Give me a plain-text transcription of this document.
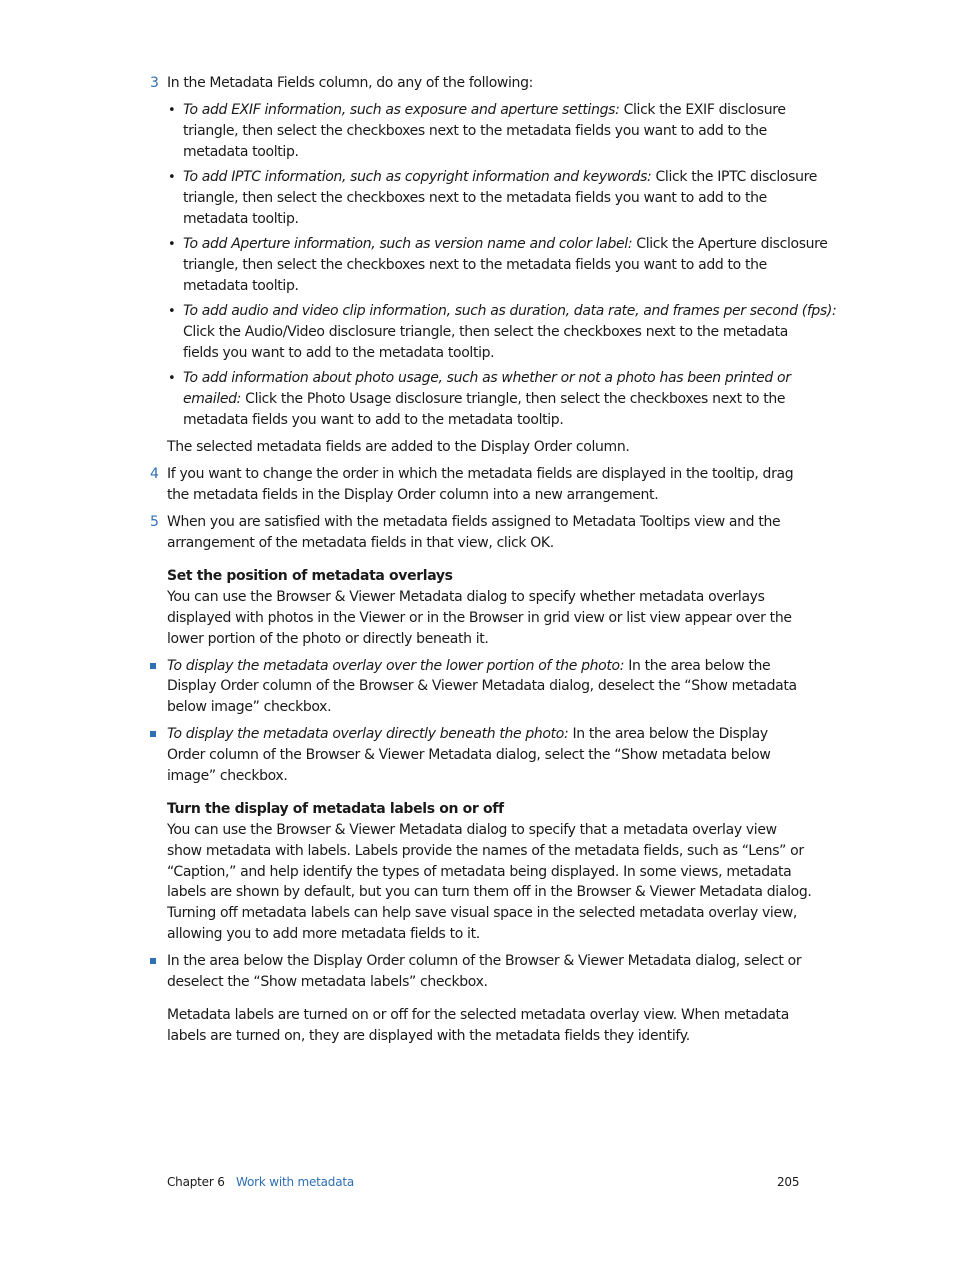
3 In the Metadata Fields column, do any of the following:
• To add EXIF information, such as exposure and aperture settings: Click the EXIF disclosure
triangle, then select the checkboxes next to the metadata fields you want to add to the
metadata tooltip.
• To add IPTC information, such as copyright information and keywords: Click the IPTC disclosure
triangle, then select the checkboxes next to the metadata fields you want to add to the
metadata tooltip.
• To add Aperture information, such as version name and color label: Click the Aperture disclosure
triangle, then select the checkboxes next to the metadata fields you want to add to the
metadata tooltip.
• To add audio and video clip information, such as duration, data rate, and frames per second (fps):
Click the Audio/Video disclosure triangle, then select the checkboxes next to the metadata
fields you want to add to the metadata tooltip.
• To add information about photo usage, such as whether or not a photo has been printed or
emailed: Click the Photo Usage disclosure triangle, then select the checkboxes next to the
metadata fields you want to add to the metadata tooltip.
The selected metadata fields are added to the Display Order column.
4 If you want to change the order in which the metadata fields are displayed in the tooltip, drag
the metadata fields in the Display Order column into a new arrangement.
5 When you are satisfied with the metadata fields assigned to Metadata Tooltips view and the
arrangement of the metadata fields in that view, click OK.
Set the position of metadata overlays
You can use the Browser & Viewer Metadata dialog to specify whether metadata overlays
displayed with photos in the Viewer or in the Browser in grid view or list view appear over the
lower portion of the photo or directly beneath it.
To display the metadata overlay over the lower portion of the photo: In the area below the
Display Order column of the Browser & Viewer Metadata dialog, deselect the “Show metadata
below image” checkbox.
To display the metadata overlay directly beneath the photo: In the area below the Display
Order column of the Browser & Viewer Metadata dialog, select the “Show metadata below
image” checkbox.
Turn the display of metadata labels on or off
You can use the Browser & Viewer Metadata dialog to specify that a metadata overlay view
show metadata with labels. Labels provide the names of the metadata fields, such as “Lens” or
“Caption,” and help identify the types of metadata being displayed. In some views, metadata
labels are shown by default, but you can turn them off in the Browser & Viewer Metadata dialog.
Turning off metadata labels can help save visual space in the selected metadata overlay view,
allowing you to add more metadata fields to it.
In the area below the Display Order column of the Browser & Viewer Metadata dialog, select or
deselect the “Show metadata labels” checkbox.
Metadata labels are turned on or off for the selected metadata overlay view. When metadata
labels are turned on, they are displayed with the metadata fields they identify.
Chapter 6 Work with metadata	205
